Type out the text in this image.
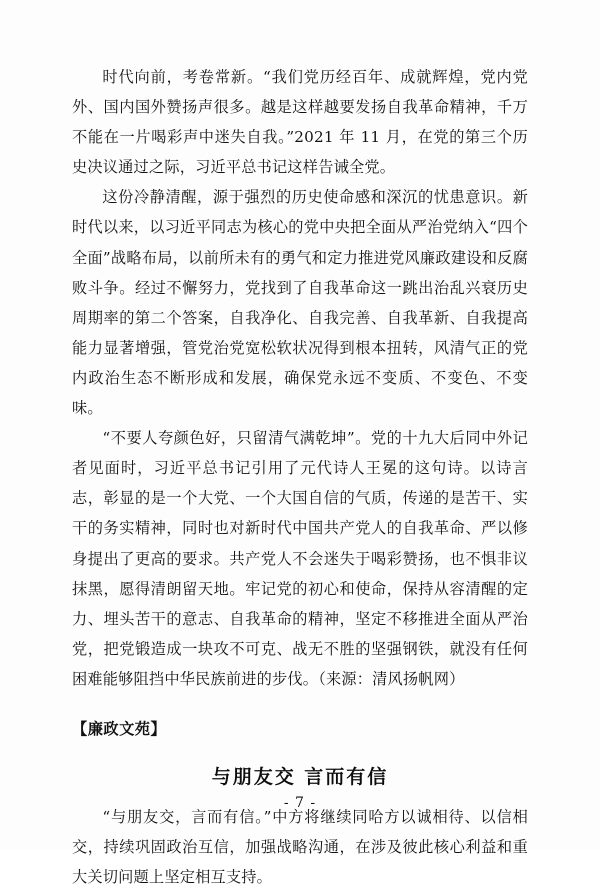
时代向前，考卷常新。“我们党历经百年、成就辉煌，党内党外、国内国外赞扬声很多。越是这样越要发扬自我革命精神，千万不能在一片喝彩声中迷失自我。”2021 年 11 月，在党的第三个历史决议通过之际，习近平总书记这样告诫全党。

这份冷静清醒，源于强烈的历史使命感和深沉的忧患意识。新时代以来，以习近平同志为核心的党中央把全面从严治党纳入“四个全面”战略布局，以前所未有的勇气和定力推进党风廉政建设和反腐败斗争。经过不懈努力，党找到了自我革命这一跳出治乱兴衰历史周期率的第二个答案，自我净化、自我完善、自我革新、自我提高能力显著增强，管党治党宽松软状况得到根本扭转，风清气正的党内政治生态不断形成和发展，确保党永远不变质、不变色、不变味。

“不要人夸颜色好，只留清气满乾坤”。党的十九大后同中外记者见面时，习近平总书记引用了元代诗人王冕的这句诗。以诗言志，彰显的是一个大党、一个大国自信的气质，传递的是苦干、实干的务实精神，同时也对新时代中国共产党人的自我革命、严以修身提出了更高的要求。共产党人不会迷失于喝彩赞扬，也不惧非议抹黑，愿得清朗留天地。牢记党的初心和使命，保持从容清醒的定力、埋头苦干的意志、自我革命的精神，坚定不移推进全面从严治党，把党锻造成一块攻不可克、战无不胜的坚强钢铁，就没有任何困难能够阻挡中华民族前进的步伐。（来源：清风扬帆网）

【廉政文苑】

与朋友交 言而有信

“与朋友交，言而有信。”中方将继续同哈方以诚相待、以信相交，持续巩固政治互信，加强战略沟通，在涉及彼此核心利益和重大关切问题上坚定相互支持。

- 7 -
